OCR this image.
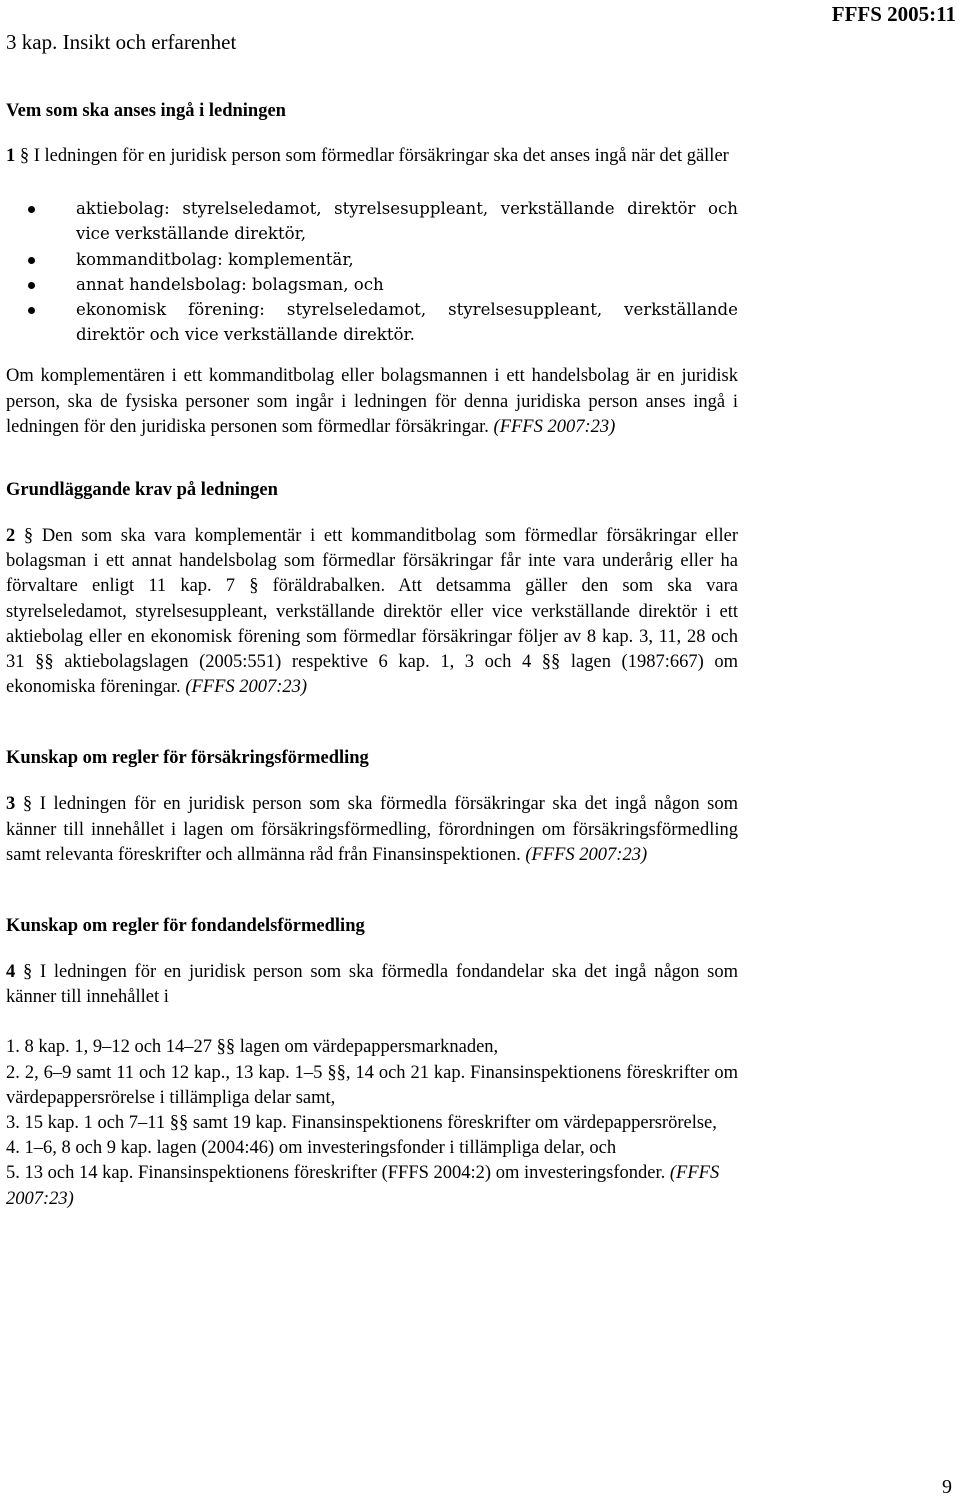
3 kap. Insikt och erfarenhet
FFFS 2005:11
Vem som ska anses ingå i ledningen

1 § I ledningen för en juridisk person som förmedlar försäkringar ska det anses ingå när det gäller

aktiebolag: styrelseledamot, styrelsesuppleant, verkställande direktör och vice verkställande direktör,
kommanditbolag: komplementär,
annat handelsbolag: bolagsman, och
ekonomisk förening: styrelseledamot, styrelsesuppleant, verkställande direktör och vice verkställande direktör.

Om komplementären i ett kommanditbolag eller bolagsmannen i ett handelsbolag är en juridisk person, ska de fysiska personer som ingår i ledningen för denna juridiska person anses ingå i ledningen för den juridiska personen som förmedlar försäkringar. (FFFS 2007:23)

Grundläggande krav på ledningen

2 § Den som ska vara komplementär i ett kommanditbolag som förmedlar försäkringar eller bolagsman i ett annat handelsbolag som förmedlar försäkringar får inte vara underårig eller ha förvaltare enligt 11 kap. 7 § föräldrabalken. Att detsamma gäller den som ska vara styrelseledamot, styrelsesuppleant, verkställande direktör eller vice verkställande direktör i ett aktiebolag eller en ekonomisk förening som förmedlar försäkringar följer av 8 kap. 3, 11, 28 och 31 §§ aktiebolagslagen (2005:551) respektive 6 kap. 1, 3 och 4 §§ lagen (1987:667) om ekonomiska föreningar. (FFFS 2007:23)

Kunskap om regler för försäkringsförmedling

3 § I ledningen för en juridisk person som ska förmedla försäkringar ska det ingå någon som känner till innehållet i lagen om försäkringsförmedling, förordningen om försäkringsförmedling samt relevanta föreskrifter och allmänna råd från Finansinspektionen. (FFFS 2007:23)

Kunskap om regler för fondandelsförmedling

4 § I ledningen för en juridisk person som ska förmedla fondandelar ska det ingå någon som känner till innehållet i

1. 8 kap. 1, 9–12 och 14–27 §§ lagen om värdepappersmarknaden,
2. 2, 6–9 samt 11 och 12 kap., 13 kap. 1–5 §§, 14 och 21 kap. Finansinspektionens föreskrifter om värdepappersrörelse i tillämpliga delar samt,
3. 15 kap. 1 och 7–11 §§ samt 19 kap. Finansinspektionens föreskrifter om värdepappersrörelse,
4. 1–6, 8 och 9 kap. lagen (2004:46) om investeringsfonder i tillämpliga delar, och
5. 13 och 14 kap. Finansinspektionens föreskrifter (FFFS 2004:2) om investeringsfonder. (FFFS 2007:23)
9
